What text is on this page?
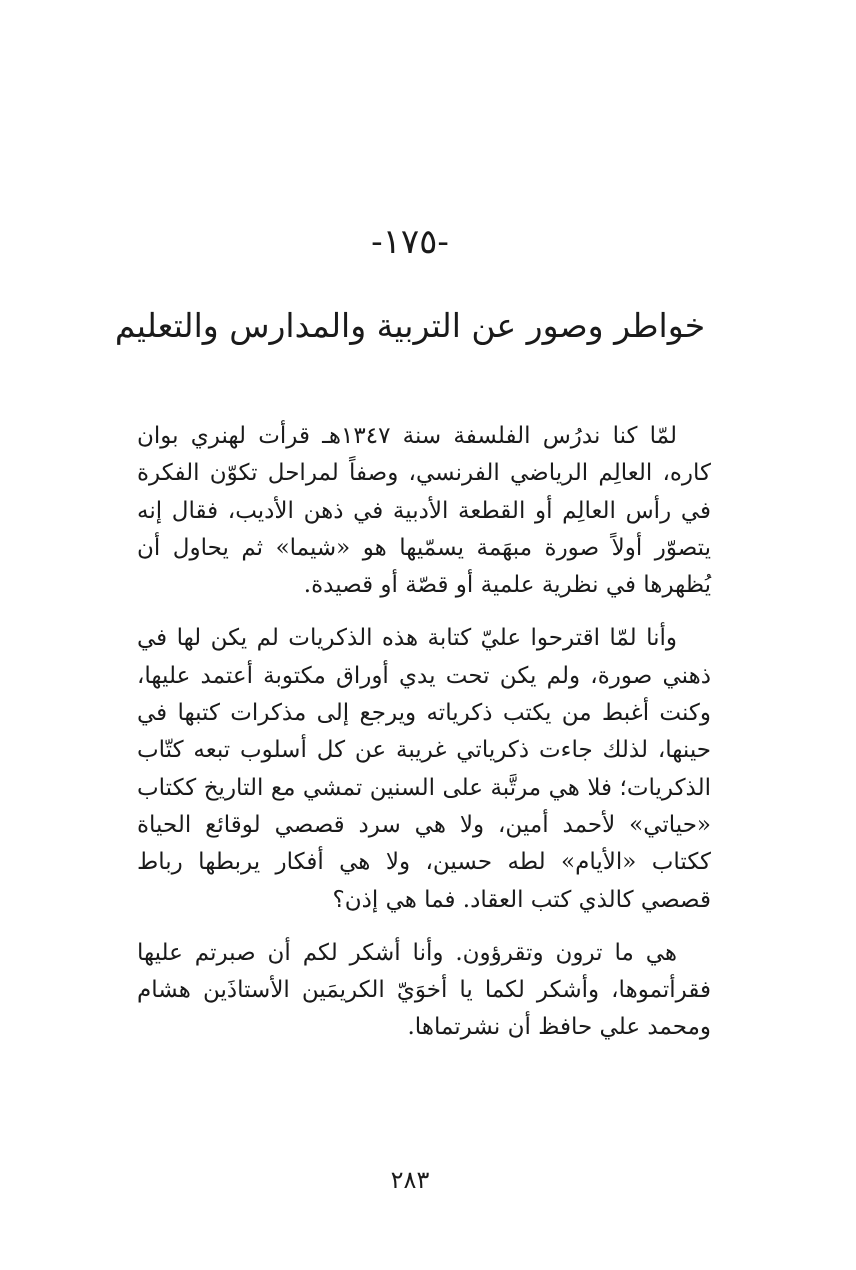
-١٧٥-
خواطر وصور عن التربية والمدارس والتعليم

لمّا كنا ندرُس الفلسفة سنة ١٣٤٧هـ قرأت لهنري بوان كاره، العالِم الرياضي الفرنسي، وصفاً لمراحل تكوّن الفكرة في رأس العالِم أو القطعة الأدبية في ذهن الأديب، فقال إنه يتصوّر أولاً صورة مبهَمة يسمّيها هو «شيما» ثم يحاول أن يُظهرها في نظرية علمية أو قصّة أو قصيدة.

وأنا لمّا اقترحوا عليّ كتابة هذه الذكريات لم يكن لها في ذهني صورة، ولم يكن تحت يدي أوراق مكتوبة أعتمد عليها، وكنت أغبط من يكتب ذكرياته ويرجع إلى مذكرات كتبها في حينها، لذلك جاءت ذكرياتي غريبة عن كل أسلوب تبعه كتّاب الذكريات؛ فلا هي مرتَّبة على السنين تمشي مع التاريخ ككتاب «حياتي» لأحمد أمين، ولا هي سرد قصصي لوقائع الحياة ككتاب «الأيام» لطه حسين، ولا هي أفكار يربطها رباط قصصي كالذي كتب العقاد. فما هي إذن؟

هي ما ترون وتقرؤون. وأنا أشكر لكم أن صبرتم عليها فقرأتموها، وأشكر لكما يا أخوَيّ الكريمَين الأستاذَين هشام ومحمد علي حافظ أن نشرتماها.

٢٨٣
